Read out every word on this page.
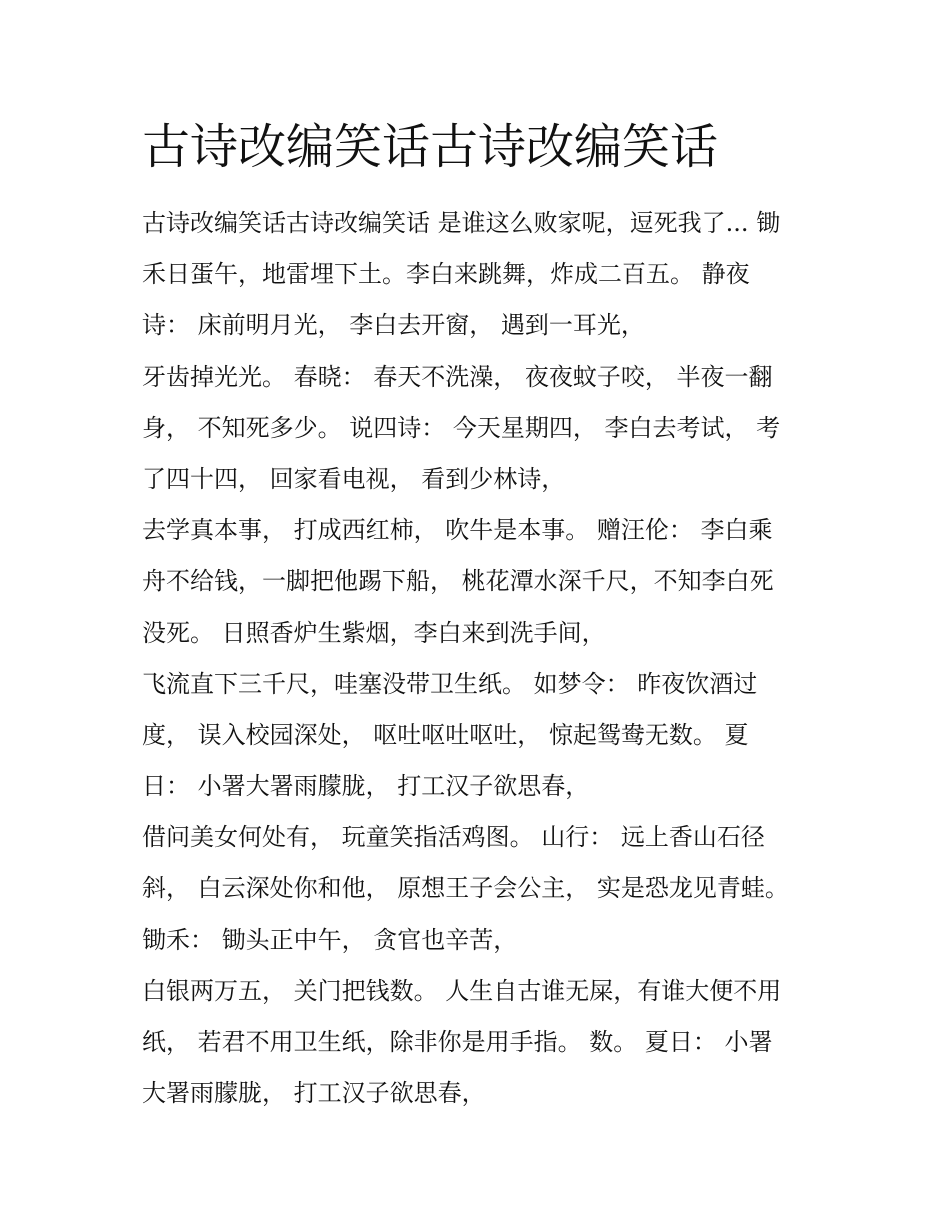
古诗改编笑话古诗改编笑话
古诗改编笑话古诗改编笑话 是谁这么败家呢，逗死我了... 锄
禾日蛋午，地雷埋下土。李白来跳舞，炸成二百五。 静夜
诗： 床前明月光， 李白去开窗， 遇到一耳光，
牙齿掉光光。 春晓： 春天不洗澡， 夜夜蚊子咬， 半夜一翻
身， 不知死多少。 说四诗： 今天星期四， 李白去考试， 考
了四十四， 回家看电视， 看到少林诗，
去学真本事， 打成西红柿， 吹牛是本事。 赠汪伦： 李白乘
舟不给钱，一脚把他踢下船， 桃花潭水深千尺，不知李白死
没死。 日照香炉生紫烟，李白来到洗手间，
飞流直下三千尺，哇塞没带卫生纸。 如梦令： 昨夜饮酒过
度， 误入校园深处， 呕吐呕吐呕吐， 惊起鸳鸯无数。 夏
日： 小署大署雨朦胧， 打工汉子欲思春，
借问美女何处有， 玩童笑指活鸡图。 山行： 远上香山石径
斜， 白云深处你和他， 原想王子会公主， 实是恐龙见青蛙。
锄禾： 锄头正中午， 贪官也辛苦，
白银两万五， 关门把钱数。 人生自古谁无屎，有谁大便不用
纸， 若君不用卫生纸，除非你是用手指。 数。 夏日： 小署
大署雨朦胧， 打工汉子欲思春，
